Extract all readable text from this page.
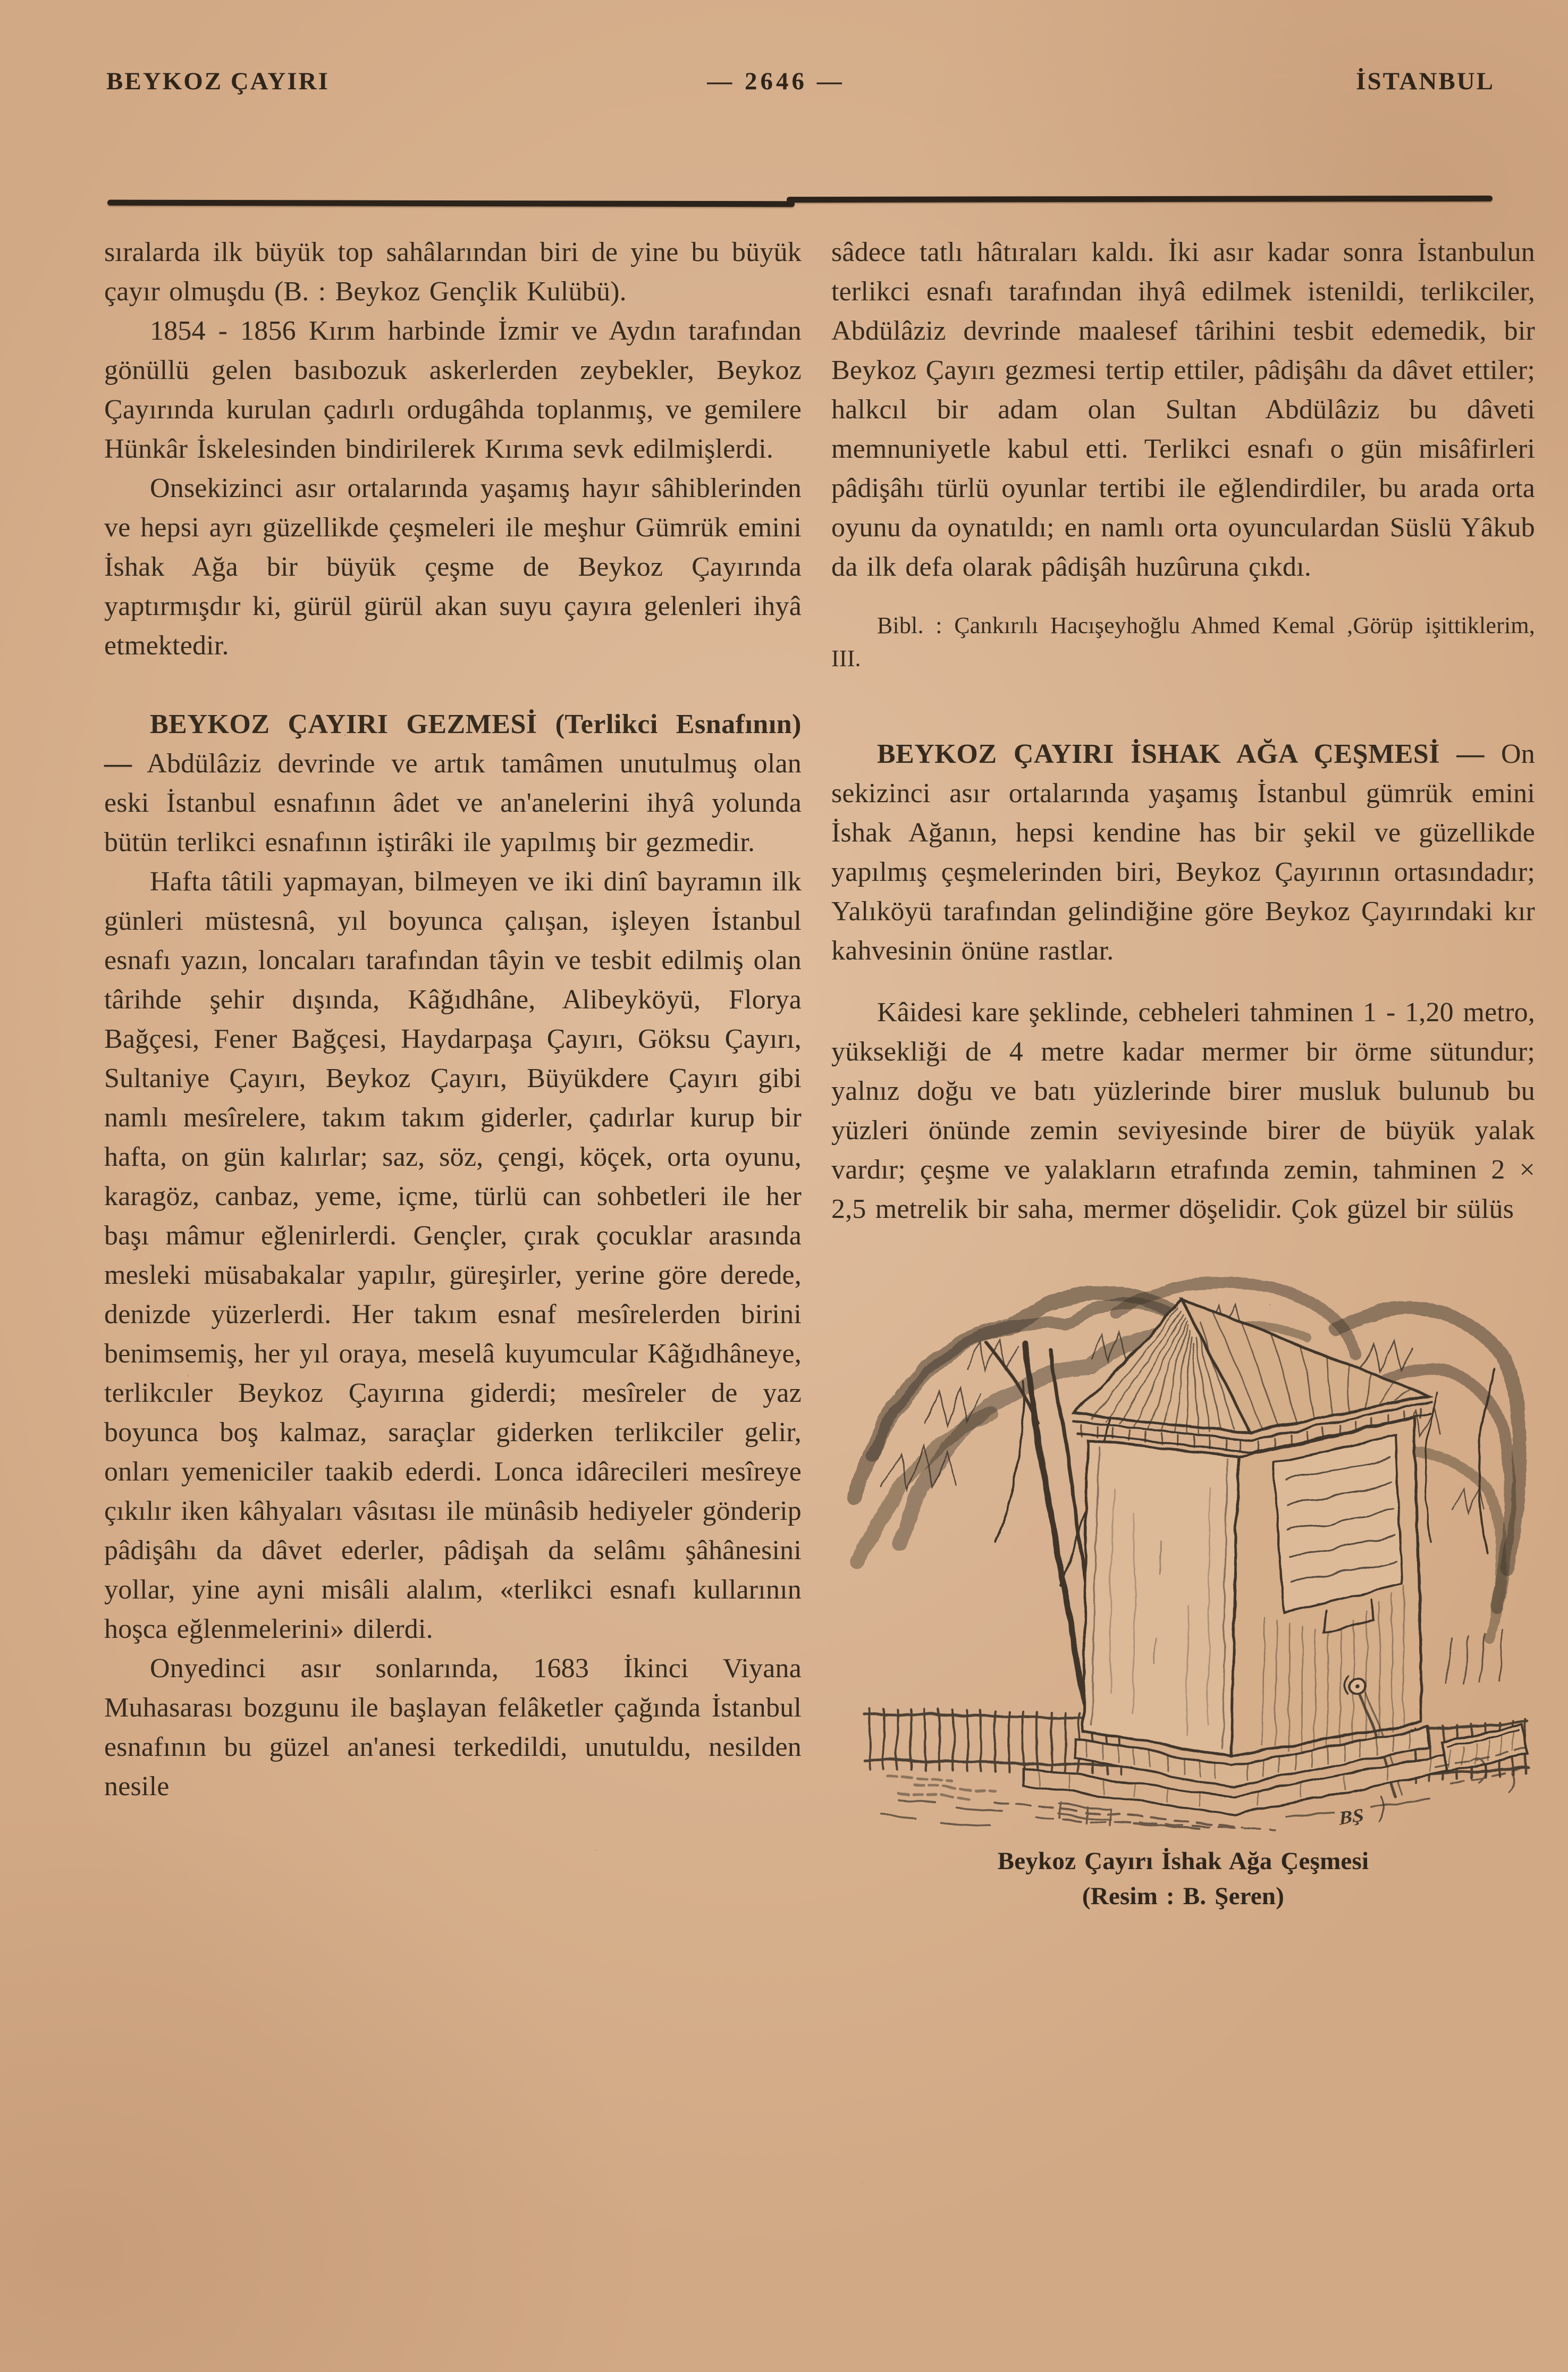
BEYKOZ ÇAYIRI	— 2646 —	İSTANBUL

sıralarda ilk büyük top sahâlarından biri de yine bu büyük çayır olmuşdu (B. : Beykoz Gençlik Kulübü).

1854 - 1856 Kırım harbinde İzmir ve Aydın tarafından gönüllü gelen basıbozuk askerlerden zeybekler, Beykoz Çayırında kurulan çadırlı ordugâhda toplanmış, ve gemilere Hünkâr İskelesinden bindirilerek Kırıma sevk edilmişlerdi.

Onsekizinci asır ortalarında yaşamış hayır sâhiblerinden ve hepsi ayrı güzellikde çeşmeleri ile meşhur Gümrük emini İshak Ağa bir büyük çeşme de Beykoz Çayırında yaptırmışdır ki, gürül gürül akan suyu çayıra gelenleri ihyâ etmektedir.

BEYKOZ ÇAYIRI GEZMESİ (Terlikci Esnafının) — Abdülâziz devrinde ve artık tamâmen unutulmuş olan eski İstanbul esnafının âdet ve an'anelerini ihyâ yolunda bütün terlikci esnafının iştirâki ile yapılmış bir gezmedir.

Hafta tâtili yapmayan, bilmeyen ve iki dinî bayramın ilk günleri müstesnâ, yıl boyunca çalışan, işleyen İstanbul esnafı yazın, loncaları tarafından tâyin ve tesbit edilmiş olan târihde şehir dışında, Kâğıdhâne, Alibeyköyü, Florya Bağçesi, Fener Bağçesi, Haydarpaşa Çayırı, Göksu Çayırı, Sultaniye Çayırı, Beykoz Çayırı, Büyükdere Çayırı gibi namlı mesîrelere, takım takım giderler, çadırlar kurup bir hafta, on gün kalırlar; saz, söz, çengi, köçek, orta oyunu, karagöz, canbaz, yeme, içme, türlü can sohbetleri ile her başı mâmur eğlenirlerdi. Gençler, çırak çocuklar arasında mesleki müsabakalar yapılır, güreşirler, yerine göre derede, denizde yüzerlerdi. Her takım esnaf mesîrelerden birini benimsemiş, her yıl oraya, meselâ kuyumcular Kâğıdhâneye, terlikcıler Beykoz Çayırına giderdi; mesîreler de yaz boyunca boş kalmaz, saraçlar giderken terlikciler gelir, onları yemeniciler taakib ederdi. Lonca idârecileri mesîreye çıkılır iken kâhyaları vâsıtası ile münâsib hediyeler gönderip pâdişâhı da dâvet ederler, pâdişah da selâmı şâhânesini yollar, yine ayni misâli alalım, «terlikci esnafı kullarının hoşca eğlenmelerini» dilerdi.

Onyedinci asır sonlarında, 1683 İkinci Viyana Muhasarası bozgunu ile başlayan felâketler çağında İstanbul esnafının bu güzel an'anesi terkedildi, unutuldu, nesilden nesile

sâdece tatlı hâtıraları kaldı. İki asır kadar sonra İstanbulun terlikci esnafı tarafından ihyâ edilmek istenildi, terlikciler, Abdülâziz devrinde maalesef târihini tesbit edemedik, bir Beykoz Çayırı gezmesi tertip ettiler, pâdişâhı da dâvet ettiler; halkcıl bir adam olan Sultan Abdülâziz bu dâveti memnuniyetle kabul etti. Terlikci esnafı o gün misâfirleri pâdişâhı türlü oyunlar tertibi ile eğlendirdiler, bu arada orta oyunu da oynatıldı; en namlı orta oyunculardan Süslü Yâkub da ilk defa olarak pâdişâh huzûruna çıkdı.

Bibl. : Çankırılı Hacışeyhoğlu Ahmed Kemal ,Görüp işittiklerim, III.

BEYKOZ ÇAYIRI İSHAK AĞA ÇEŞMESİ — On sekizinci asır ortalarında yaşamış İstanbul gümrük emini İshak Ağanın, hepsi kendine has bir şekil ve güzellikde yapılmış çeşmelerinden biri, Beykoz Çayırının ortasındadır; Yalıköyü tarafından gelindiğine göre Beykoz Çayırındaki kır kahvesinin önüne rastlar.

Kâidesi kare şeklinde, cebheleri tahminen 1 - 1,20 metro, yüksekliği de 4 metre kadar mermer bir örme sütundur; yalnız doğu ve batı yüzlerinde birer musluk bulunub bu yüzleri önünde zemin seviyesinde birer de büyük yalak vardır; çeşme ve yalakların etrafında zemin, tahminen 2 × 2,5 metrelik bir saha, mermer döşelidir. Çok güzel bir sülüs

BŞ
Beykoz Çayırı İshak Ağa Çeşmesi
(Resim : B. Şeren)
